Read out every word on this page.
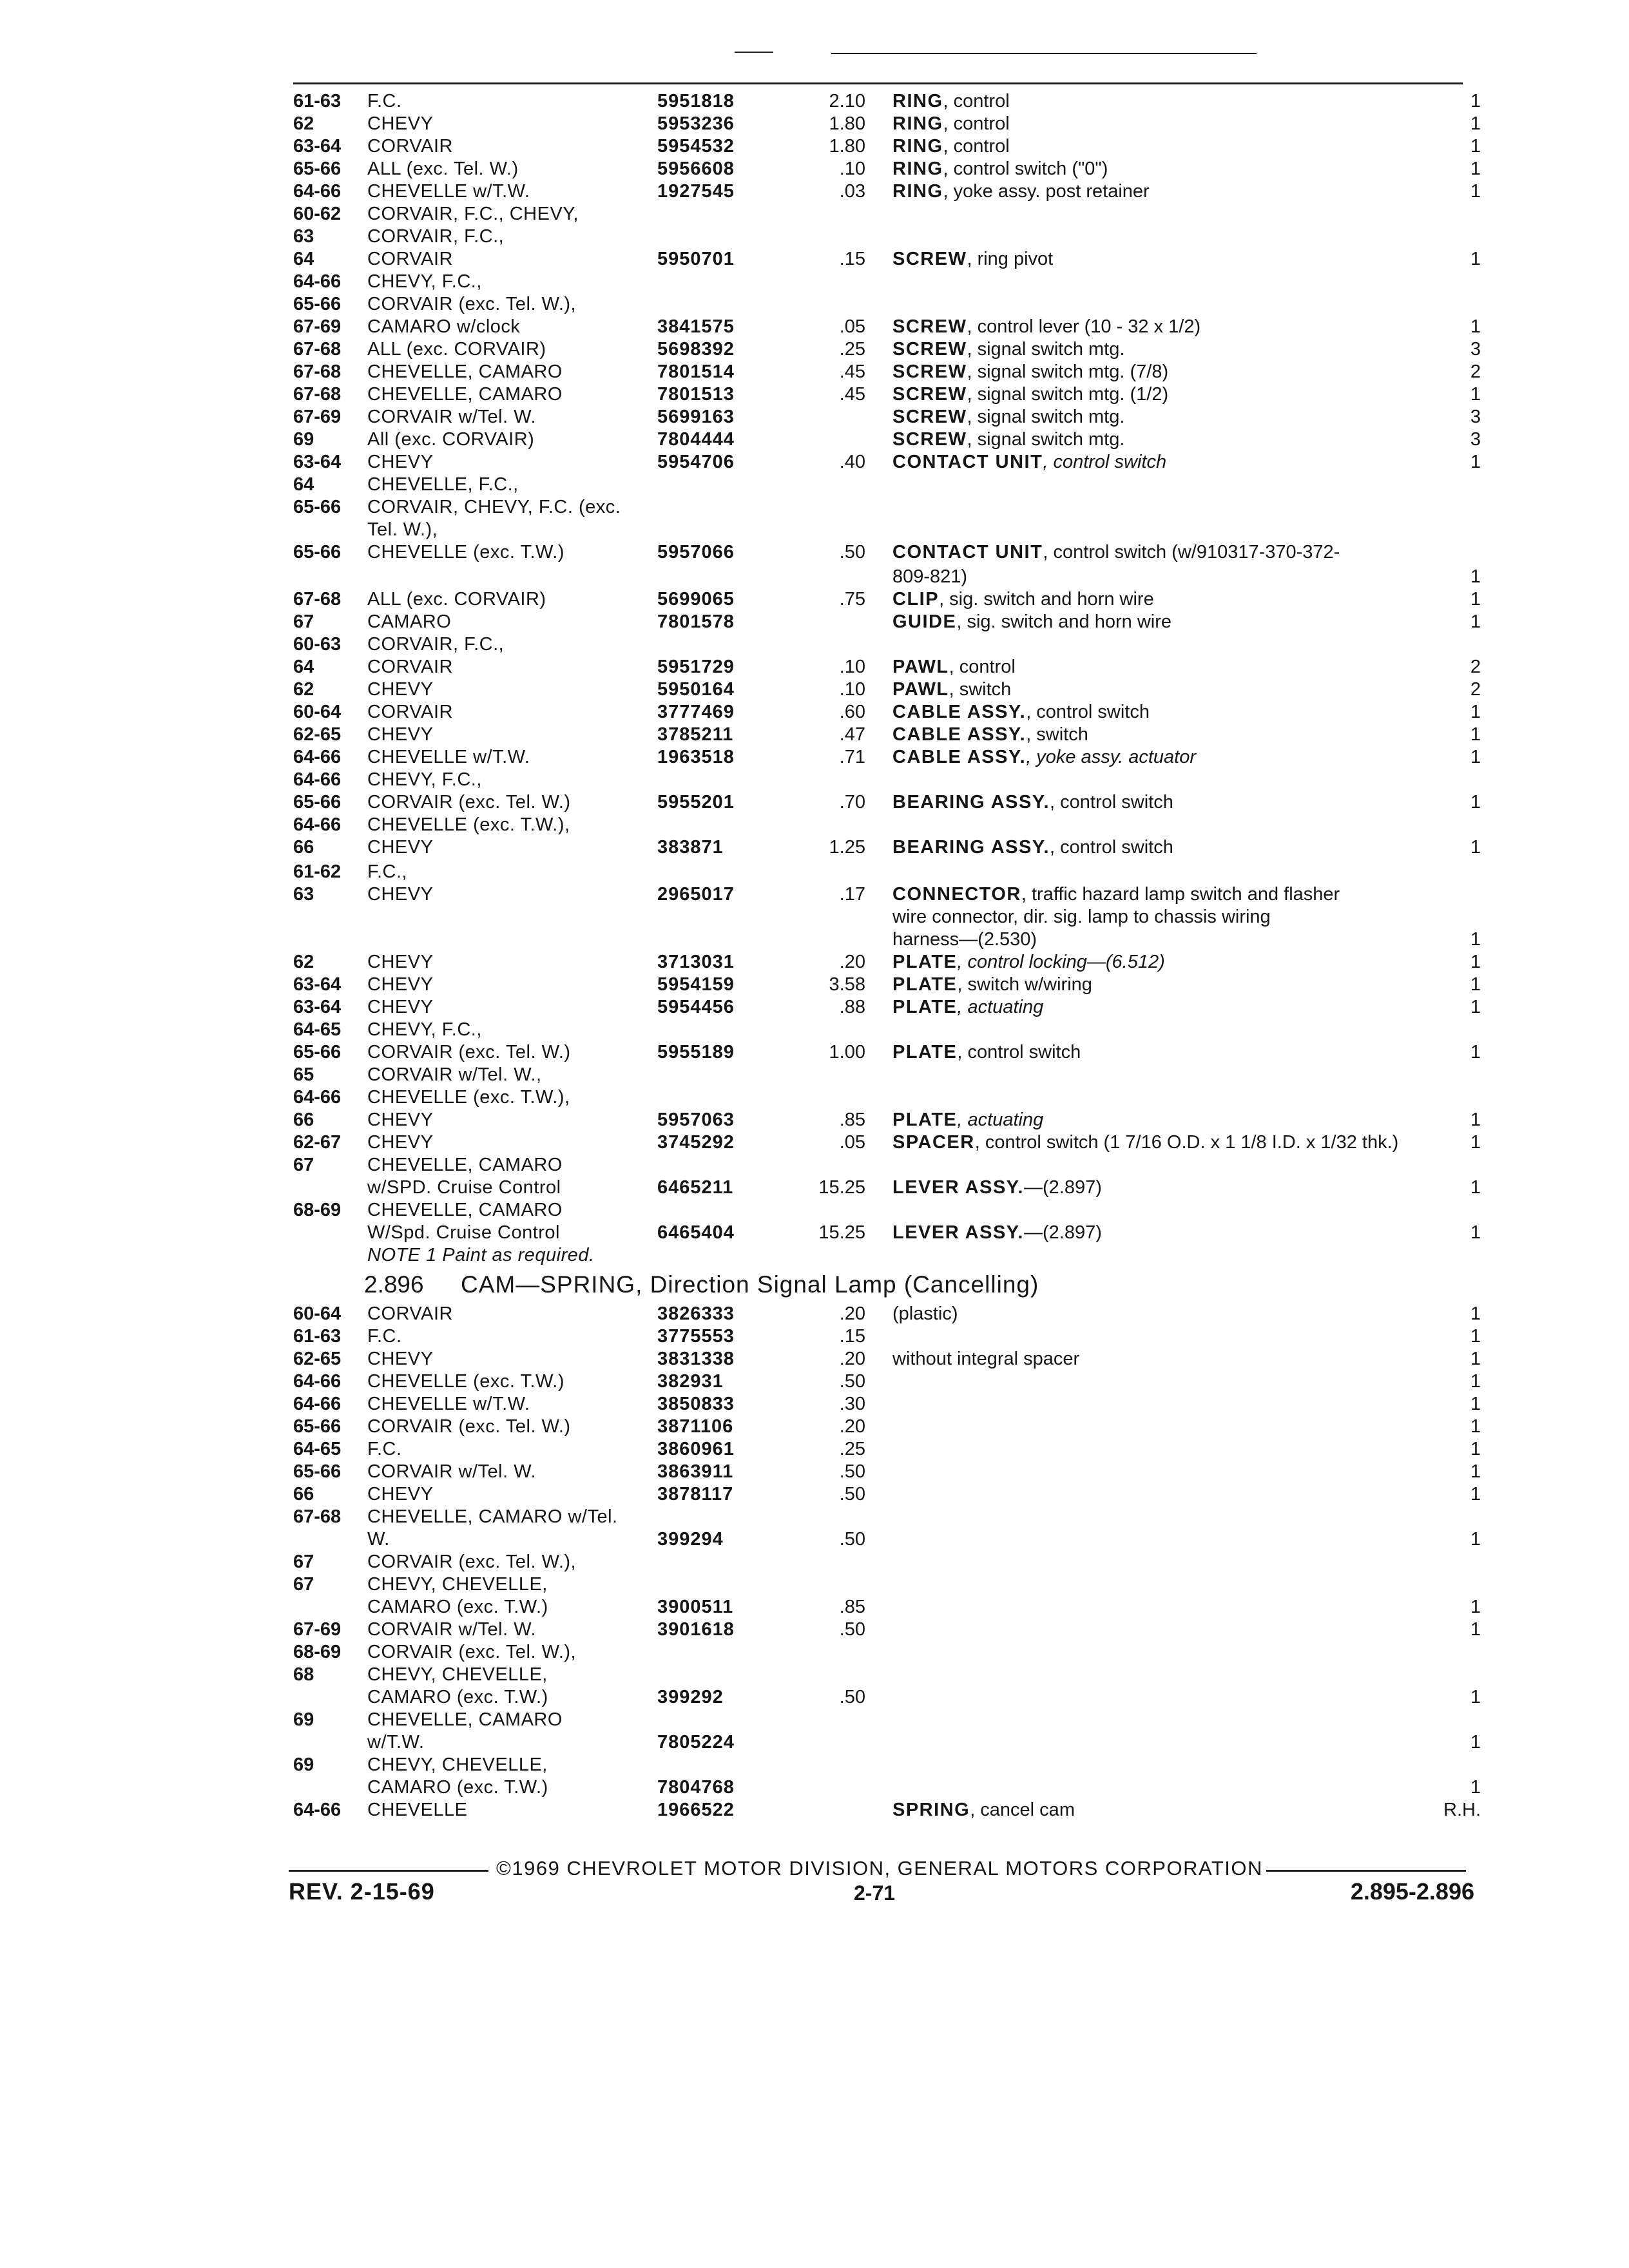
61-63 F.C.	5951818	2.10 RING, control	1
62	CHEVY	5953236	1.80 RING, control	1
63-64 CORVAIR	5954532	1.80 RING, control	1
65-66 ALL (exc. Tel. W.)	5956608	.10 RING, control switch ("0")	1
64-66 CHEVELLE w/T.W.	1927545	.03 RING, yoke assy. post retainer	1
60-62 CORVAIR, F.C., CHEVY,
63	CORVAIR, F.C.,
64	CORVAIR	5950701	.15 SCREW, ring pivot	1
64-66 CHEVY, F.C.,
65-66 CORVAIR (exc. Tel. W.),
67-69 CAMARO w/clock	3841575	.05 SCREW, control lever (10 - 32 x 1/2)	1
67-68 ALL (exc. CORVAIR)	5698392	.25 SCREW, signal switch mtg.	3
67-68 CHEVELLE, CAMARO	7801514	.45 SCREW, signal switch mtg. (7/8)	2
67-68 CHEVELLE, CAMARO	7801513	.45 SCREW, signal switch mtg. (1/2)	1
67-69 CORVAIR w/Tel. W.	5699163	SCREW, signal switch mtg.	3
69	All (exc. CORVAIR)	7804444	SCREW, signal switch mtg.	3
63-64 CHEVY	5954706	.40 CONTACT UNIT, control switch	1
64	CHEVELLE, F.C.,
65-66 CORVAIR, CHEVY, F.C. (exc.
Tel. W.),
65-66 CHEVELLE (exc. T.W.)	5957066	.50 CONTACT UNIT, control switch (w/910317-370-372-
809-821)	1
67-68 ALL (exc. CORVAIR)	5699065	.75 CLIP, sig. switch and horn wire	1
67	CAMARO	7801578	GUIDE, sig. switch and horn wire	1
60-63 CORVAIR, F.C.,
64	CORVAIR	5951729	.10 PAWL, control	2
62	CHEVY	5950164	.10 PAWL, switch	2
60-64 CORVAIR	3777469	.60 CABLE ASSY., control switch	1
62-65 CHEVY	3785211	.47 CABLE ASSY., switch	1
64-66 CHEVELLE w/T.W.	1963518	.71 CABLE ASSY., yoke assy. actuator	1
64-66 CHEVY, F.C.,
65-66 CORVAIR (exc. Tel. W.)	5955201	.70 BEARING ASSY., control switch	1
64-66 CHEVELLE (exc. T.W.),
66	CHEVY	383871	1.25 BEARING ASSY., control switch	1
61-62 F.C.,
63	CHEVY	2965017	.17 CONNECTOR, traffic hazard lamp switch and flasher
wire connector, dir. sig. lamp to chassis wiring
harness—(2.530)	1
62	CHEVY	3713031	.20 PLATE, control locking—(6.512)	1
63-64 CHEVY	5954159	3.58 PLATE, switch w/wiring	1
63-64 CHEVY	5954456	.88 PLATE, actuating	1
64-65 CHEVY, F.C.,
65-66 CORVAIR (exc. Tel. W.)	5955189	1.00 PLATE, control switch	1
65	CORVAIR w/Tel. W.,
64-66 CHEVELLE (exc. T.W.),
66	CHEVY	5957063	.85 PLATE, actuating	1
62-67 CHEVY	3745292	.05 SPACER, control switch (1 7/16 O.D. x 1 1/8 I.D. x 1/32 thk.)	1
67	CHEVELLE, CAMARO
w/SPD. Cruise Control	6465211	15.25 LEVER ASSY.—(2.897)	1
68-69 CHEVELLE, CAMARO
W/Spd. Cruise Control	6465404	15.25 LEVER ASSY.—(2.897)	1
NOTE 1 Paint as required.
2.896 CAM—SPRING, Direction Signal Lamp (Cancelling)
60-64 CORVAIR	3826333	.20 (plastic)	1
61-63 F.C.	3775553	.15	1
62-65 CHEVY	3831338	.20 without integral spacer	1
64-66 CHEVELLE (exc. T.W.)	382931	.50	1
64-66 CHEVELLE w/T.W.	3850833	.30	1
65-66 CORVAIR (exc. Tel. W.)	3871106	.20	1
64-65 F.C.	3860961	.25	1
65-66 CORVAIR w/Tel. W.	3863911	.50	1
66	CHEVY	3878117	.50	1
67-68 CHEVELLE, CAMARO w/Tel.
W.	399294	.50	1
67	CORVAIR (exc. Tel. W.),
67	CHEVY, CHEVELLE,
CAMARO (exc. T.W.)	3900511	.85	1
67-69 CORVAIR w/Tel. W.	3901618	.50	1
68-69 CORVAIR (exc. Tel. W.),
68	CHEVY, CHEVELLE,
CAMARO (exc. T.W.)	399292	.50	1
69	CHEVELLE, CAMARO
w/T.W.	7805224	1
69	CHEVY, CHEVELLE,
CAMARO (exc. T.W.)	7804768	1
64-66 CHEVELLE	1966522	SPRING, cancel cam	R.H.
©1969 CHEVROLET MOTOR DIVISION, GENERAL MOTORS CORPORATION
REV. 2-15-69	2-71	2.895-2.896
